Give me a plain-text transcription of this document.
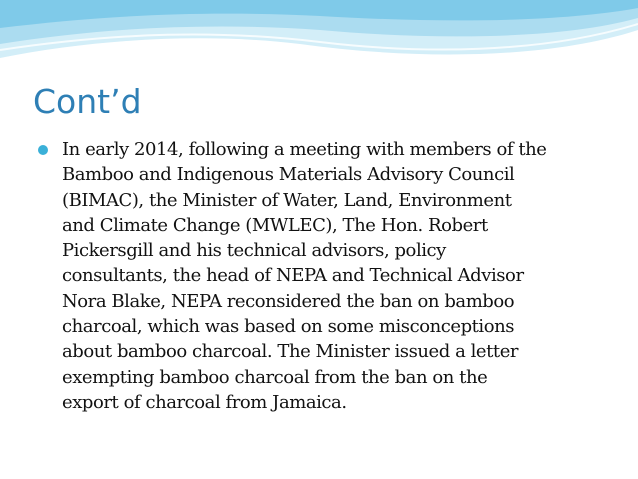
Cont’d
In early 2014, following a meeting with members of the
Bamboo and Indigenous Materials Advisory Council
(BIMAC), the Minister of Water, Land, Environment
and Climate Change (MWLEC), The Hon. Robert
Pickersgill and his technical advisors, policy
consultants, the head of NEPA and Technical Advisor
Nora Blake, NEPA reconsidered the ban on bamboo
charcoal, which was based on some misconceptions
about bamboo charcoal. The Minister issued a letter
exempting bamboo charcoal from the ban on the
export of charcoal from Jamaica.
